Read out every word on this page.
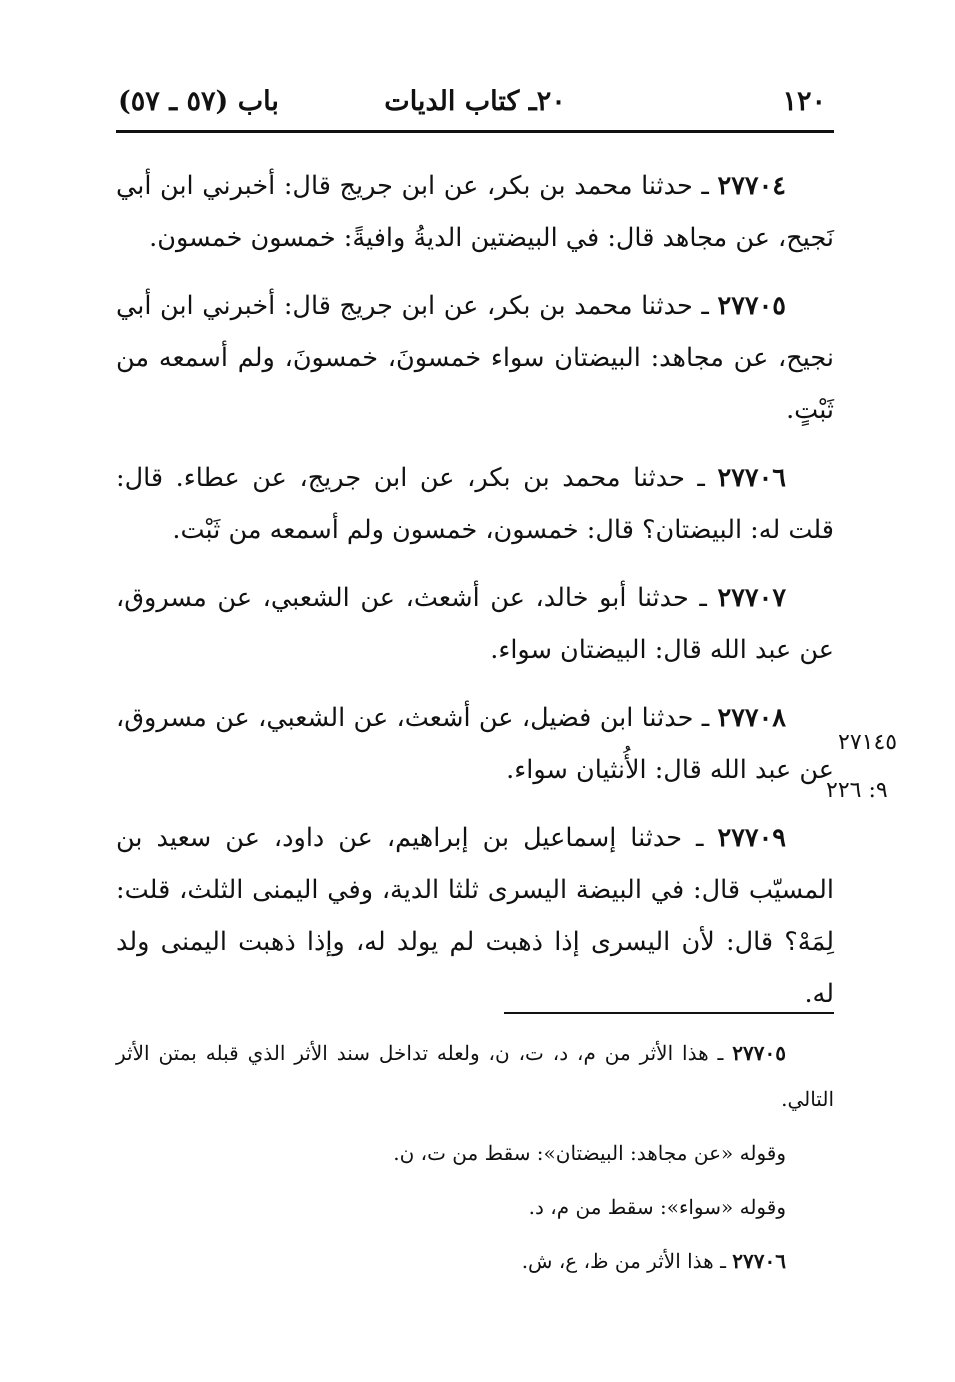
١٢٠
٢٠ـ كتاب الديات
باب (٥٧ ـ ٥٧)

٢٧٧٠٤ ـ حدثنا محمد بن بكر، عن ابن جريج قال: أخبرني ابن أبي نَجيح، عن مجاهد قال: في البيضتين الديةُ وافيةً: خمسون خمسون.

٢٧٧٠٥ ـ حدثنا محمد بن بكر، عن ابن جريج قال: أخبرني ابن أبي نجيح، عن مجاهد: البيضتان سواء خمسونَ، خمسونَ، ولم أسمعه من ثَبْتٍ.

٢٧٧٠٦ ـ حدثنا محمد بن بكر، عن ابن جريج، عن عطاء. قال: قلت له: البيضتان؟ قال: خمسون، خمسون ولم أسمعه من ثَبْت.

٢٧٧٠٧ ـ حدثنا أبو خالد، عن أشعث، عن الشعبي، عن مسروق، عن عبد الله قال: البيضتان سواء.

٢٧٧٠٨ ـ حدثنا ابن فضيل، عن أشعث، عن الشعبي، عن مسروق، عن عبد الله قال: الأُنثيان سواء.

٢٧٧٠٩ ـ حدثنا إسماعيل بن إبراهيم، عن داود، عن سعيد بن المسيّب قال: في البيضة اليسرى ثلثا الدية، وفي اليمنى الثلث، قلت: لِمَهْ؟ قال: لأن اليسرى إذا ذهبت لم يولد له، وإذا ذهبت اليمنى ولد له.

٢٧١٤٥
٩: ٢٢٦

٢٧٧٠٥ ـ هذا الأثر من م، د، ت، ن، ولعله تداخل سند الأثر الذي قبله بمتن الأثر التالي.

وقوله «عن مجاهد: البيضتان»: سقط من ت، ن.

وقوله «سواء»: سقط من م، د.

٢٧٧٠٦ ـ هذا الأثر من ظ، ع، ش.
